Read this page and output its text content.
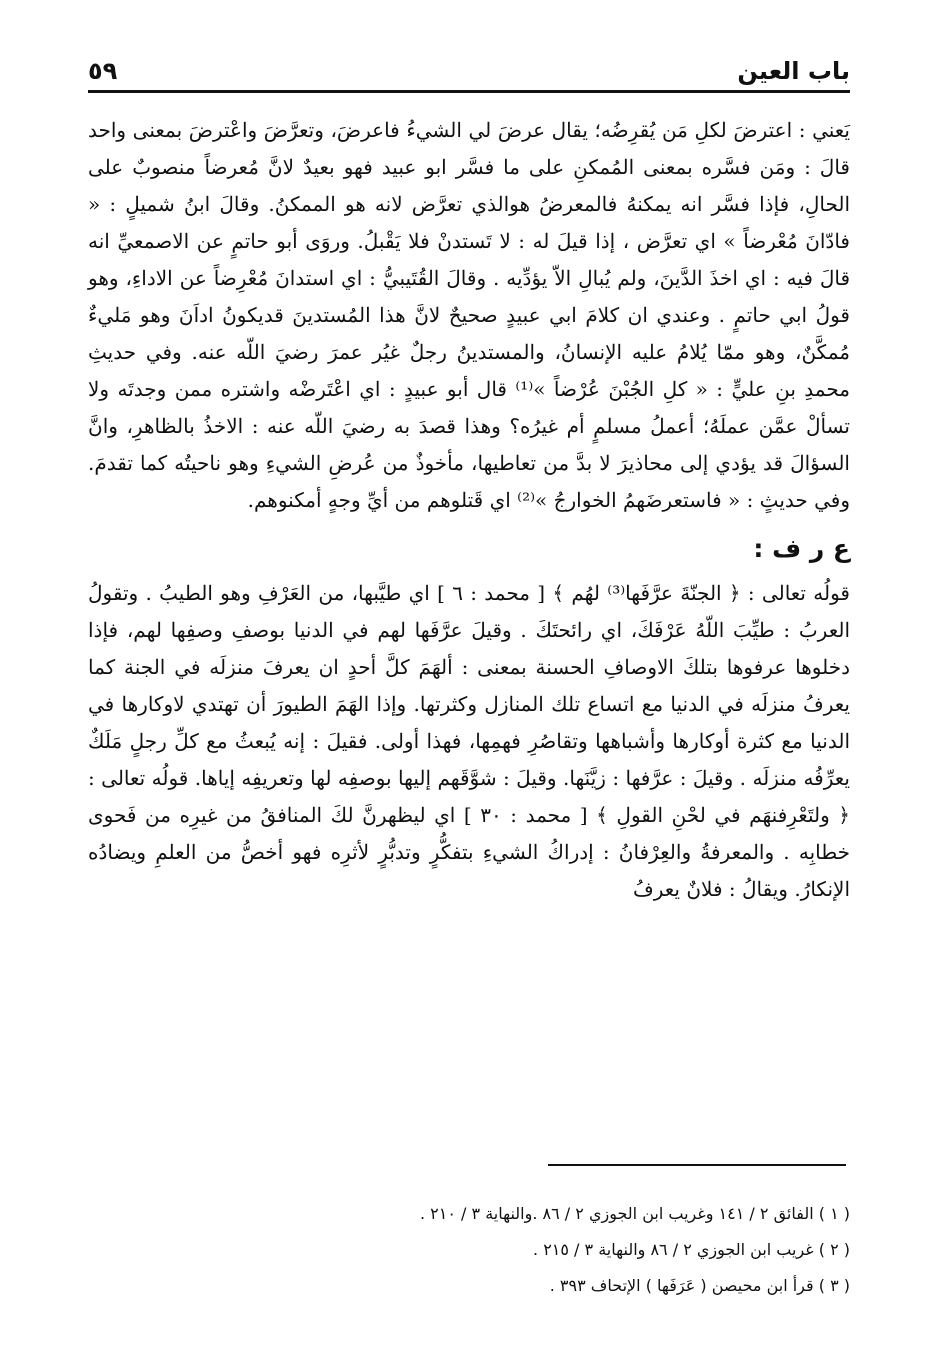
باب العين
٥٩

يَعني : اعترضَ لكلِ مَن يُقرِضُه؛ يقال عرضَ لي الشيءُ فاعرضَ، وتعرَّضَ واعْترضَ بمعنى واحد قالَ : ومَن فسَّره بمعنى المُمكنِ على ما فسَّر ابو عبيد فهو بعيدٌ لانَّ مُعرضاً منصوبٌ على الحالِ، فإذا فسَّر انه يمكنهُ فالمعرضُ هوالذي تعرَّض لانه هو الممكنُ. وقالَ ابنُ شميلٍ : « فادّانَ مُعْرضاً » اي تعرَّض ، إذا قيلَ له : لا تَستدنْ فلا يَقْبلُ. وروَى أبو حاتمٍ عن الاصمعيِّ انه قالَ فيه : اي اخذَ الدَّينَ، ولم يُبالِ الاّ يؤدِّيه . وقالَ القُتَيبيُّ : اي استدانَ مُعْرِضاً عن الاداءِ، وهو قولُ ابي حاتمٍ . وعندي ان كلامَ ابي عبيدٍ صحيحٌ لانَّ هذا المُستدينَ قديكونُ اداَنَ وهو مَليءٌ مُمكَّنٌ، وهو ممّا يُلامُ عليه الإنسانُ، والمستدينُ رجلٌ غيُر عمرَ رضيَ اللّه عنه. وفي حديثِ محمدِ بنِ عليٍّ : « كلِ الجُبْنَ عُرْضاً »⁽¹⁾ قال أبو عبيدٍ : اي اعْتَرضْه واشتره ممن وجدتَه ولا تسألْ عمَّن عملَهُ؛ أعملُ مسلمٍ أم غيرُه؟ وهذا قصدَ به رضيَ اللّه عنه : الاخذُ بالظاهرِ، وانَّ السؤالَ قد يؤدي إلى محاذيرَ لا بدَّ من تعاطيها، مأخوذٌ من عُرضِ الشيءِ وهو ناحيتُه كما تقدمَ. وفي حديثٍ : « فاستعرضَهمُ الخوارجُ »⁽²⁾ اي قَتلوهم من أيِّ وجهٍ أمكنوهم.

ع ر ف :

قولُه تعالى : ﴿ الجنّةَ عرَّفَها⁽³⁾ لهُم ﴾ [ محمد : ٦ ] اي طيَّبها، من العَرْفِ وهو الطيبُ . وتقولُ العربُ : طيِّبَ اللّهُ عَرْفَكَ، اي رائحتَكَ . وقيلَ عرَّفَها لهم في الدنيا بوصفِ وصفِها لهم، فإذا دخلوها عرفوها بتلكَ الاوصافِ الحسنة بمعنى : ألهَمَ كلَّ أحدٍ ان يعرفَ منزلَه في الجنة كما يعرفُ منزلَه في الدنيا مع اتساع تلك المنازل وكثرتها. وإذا الهَمَ الطيورَ أن تهتدي لاوكارها في الدنيا مع كثرة أوكارها وأشباهها وتقاصُرِ فهمِها، فهذا أولى. فقيلَ : إنه يُبعثُ مع كلِّ رجلٍ مَلَكٌ يعرِّفُه منزلَه . وقيلَ : عرَّفها : زيَّنَها. وقيلَ : شوَّقَهم إليها بوصفِه لها وتعريفِه إياها. قولُه تعالى : ﴿ ولتَعْرِفنهَم في لحْنِ القولِ ﴾ [ محمد : ٣٠ ] اي ليظهرنَّ لكَ المنافقُ من غيرِه من فَحوى خطابِه . والمعرفةُ والعِرْفانُ : إدراكُ الشيءِ بتفكُّرٍ وتدبُّرٍ لأثرِه فهو أخصُّ من العلمِ ويضادُه الإنكارُ. ويقالُ : فلانٌ يعرفُ

( ١ ) الفائق ٢ / ١٤١ وغريب ابن الجوزي ٢ / ٨٦ .والنهاية ٣ / ٢١٠ .

( ٢ ) غريب ابن الجوزي ٢ / ٨٦ والنهاية ٣ / ٢١٥ .

( ٣ ) قرأ ابن محيصن ( عَرَفَها ) الإتحاف ٣٩٣ .
